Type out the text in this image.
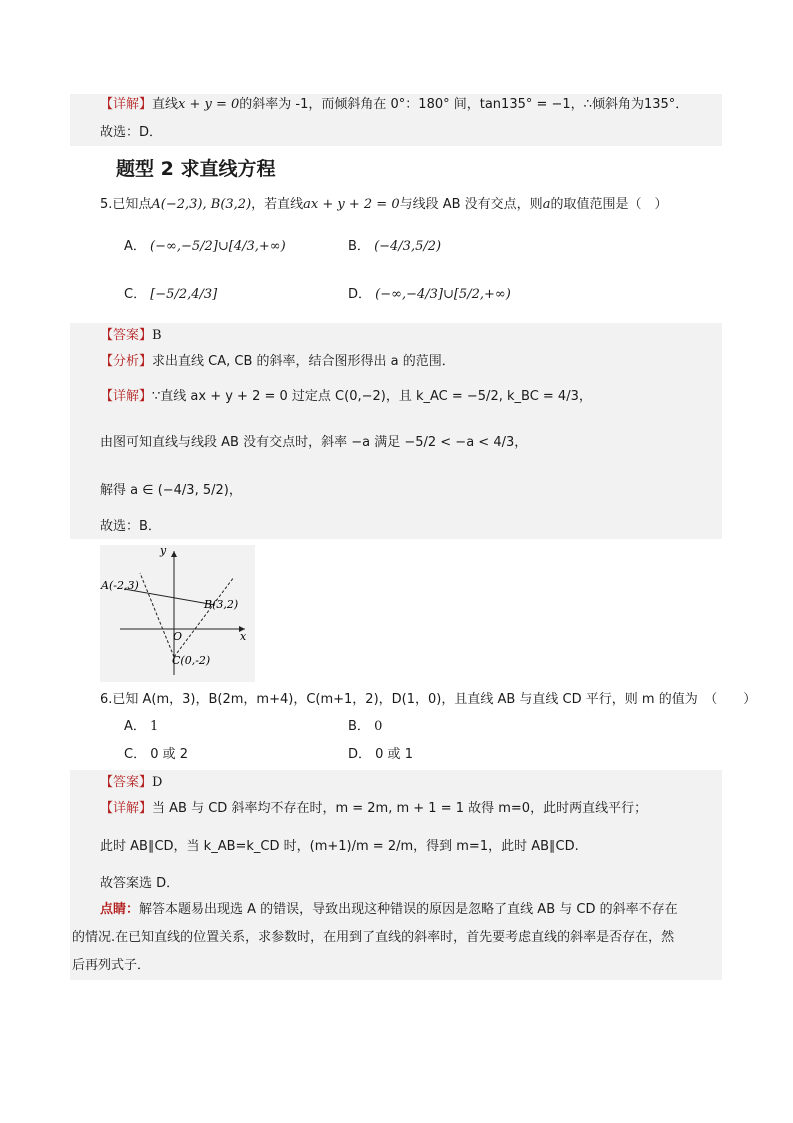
【详解】直线x + y = 0的斜率为 -1，而倾斜角在 0°：180° 间，tan135° = −1，∴倾斜角为135°．
故选：D．
题型 2 求直线方程
5.已知点A(−2,3), B(3,2)，若直线ax + y + 2 = 0与线段 AB 没有交点，则a的取值范围是（　）
A． (−∞,−5/2]∪[4/3,+∞)	B． (−4/3,5/2)
C． [−5/2,4/3]	D． (−∞,−4/3]∪[5/2,+∞)
【答案】B
【分析】求出直线 CA, CB 的斜率，结合图形得出 a 的范围．
【详解】∵直线 ax + y + 2 = 0 过定点 C(0,−2)，且 k_AC = −5/2, k_BC = 4/3，
由图可知直线与线段 AB 没有交点时，斜率 −a 满足 −5/2 < −a < 4/3，
解得 a ∈ (−4/3, 5/2)，
故选：B．
y
x
O
A(-2,3)
B(3,2)
C(0,-2)
6.已知 A(m，3)，B(2m，m+4)，C(m+1，2)，D(1，0)，且直线 AB 与直线 CD 平行，则 m 的值为　（　　）
A． 1	B． 0
C． 0 或 2	D． 0 或 1
【答案】D
【详解】当 AB 与 CD 斜率均不存在时，m = 2m, m + 1 = 1 故得 m=0，此时两直线平行；
此时 AB∥CD，当 k_AB=k_CD 时，(m+1)/m = 2/m，得到 m=1，此时 AB∥CD.
故答案选 D．
点睛：解答本题易出现选 A 的错误，导致出现这种错误的原因是忽略了直线 AB 与 CD 的斜率不存在
的情况.在已知直线的位置关系，求参数时，在用到了直线的斜率时，首先要考虑直线的斜率是否存在，然
后再列式子．
